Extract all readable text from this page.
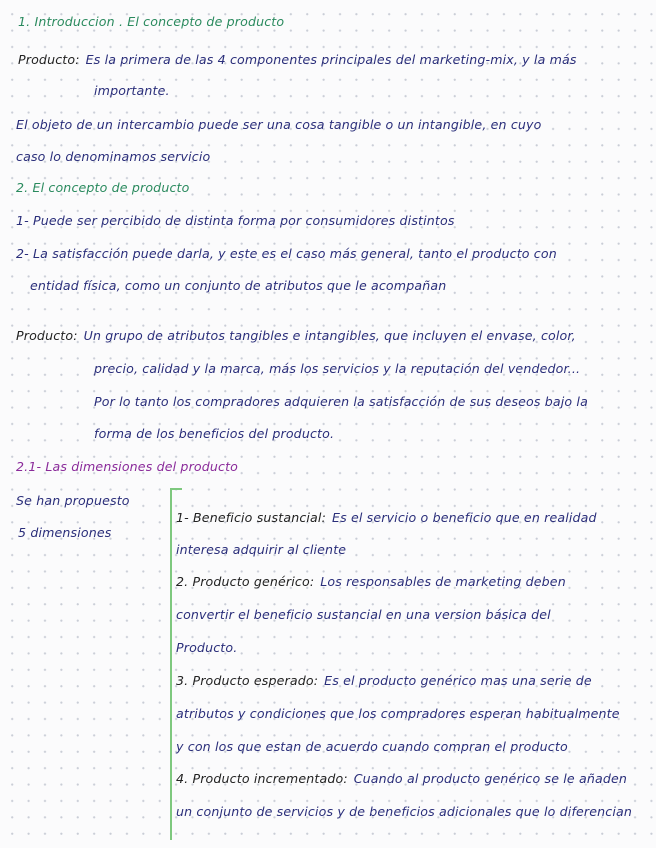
1. Introduccion . El concepto de producto
Producto: Es la primera de las 4 componentes principales del marketing-mix, y la más
importante.
El objeto de un intercambio puede ser una cosa tangible o un intangible, en cuyo
caso lo denominamos servicio
2. El concepto de producto
1- Puede ser percibido de distinta forma por consumidores distintos
2- La satisfacción puede darla, y este es el caso más general, tanto el producto con
entidad física, como un conjunto de atributos que le acompañan
Producto: Un grupo de atributos tangibles e intangibles, que incluyen el envase, color,
precio, calidad y la marca, más los servicios y la reputación del vendedor...
Por lo tanto los compradores adquieren la satisfacción de sus deseos bajo la
forma de los beneficios del producto.
2.1- Las dimensiones del producto
Se han propuesto
5 dimensiones
1- Beneficio sustancial: Es el servicio o beneficio que en realidad
interesa adquirir al cliente
2. Producto genérico: Los responsables de marketing deben
convertir el beneficio sustancial en una version básica del
Producto.
3. Producto esperado: Es el producto genérico mas una serie de
atributos y condiciones que los compradores esperan habitualmente
y con los que estan de acuerdo cuando compran el producto
4. Producto incrementado: Cuando al producto genérico se le añaden
un conjunto de servicios y de beneficios adicionales que lo diferencian
